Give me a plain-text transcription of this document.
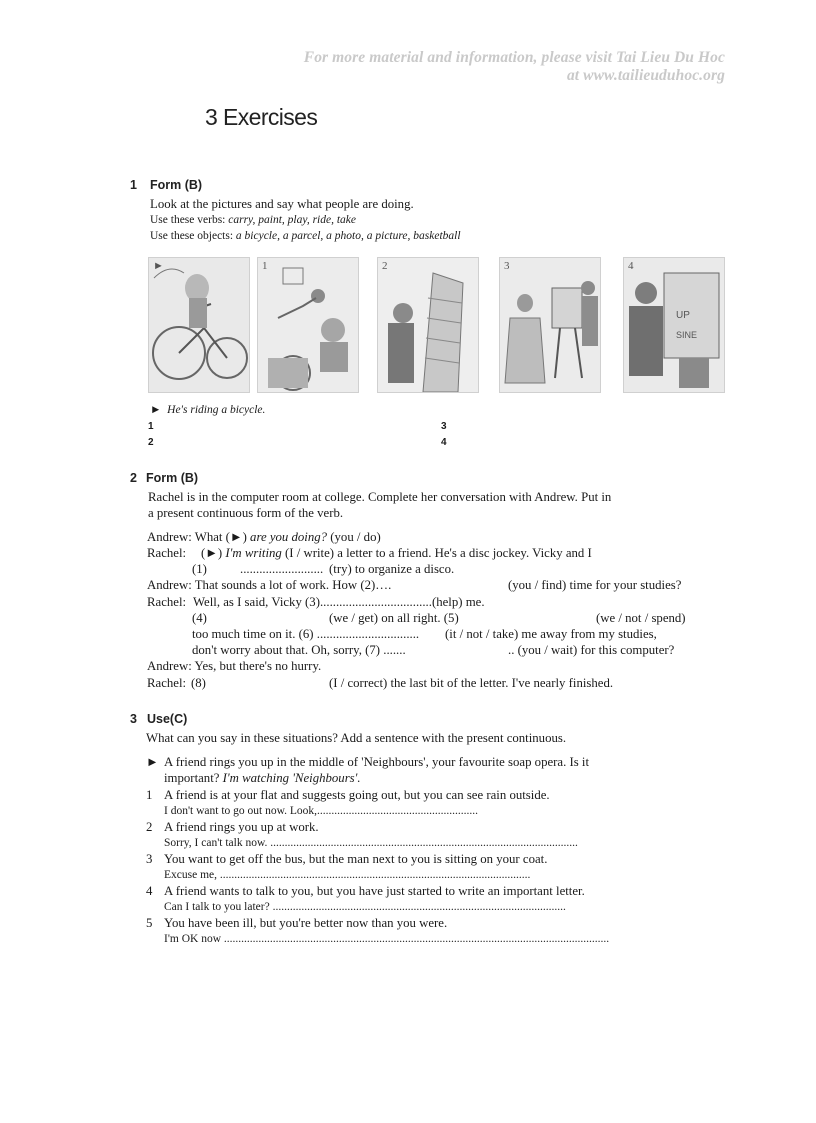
For more material and information, please visit Tai Lieu Du Hoc
at www.tailieuduhoc.org
3 Exercises
1 Form (B)
Look at the pictures and say what people are doing.
Use these verbs: carry, paint, play, ride, take
Use these objects: a bicycle, a parcel, a photo, a picture, basketball
►	1	2	3
UP
SINE
4
► He's riding a bicycle.
1
2
3
4
2 Form (B)
Rachel is in the computer room at college. Complete her conversation with Andrew. Put in
a present continuous form of the verb.
Andrew: What (►) are you doing? (you / do)
Rachel: (►) I'm writing (I / write) a letter to a friend. He's a disc jockey. Vicky and I
(1)	.......................... (try) to organize a disco.
Andrew: That sounds a lot of work. How (2)….	(you / find) time for your studies?
Rachel: Well, as I said, Vicky (3)...................................(help) me.
(4)	(we / get) on all right. (5)	(we / not / spend)
too much time on it. (6) ................................ (it / not / take) me away from my studies,
don't worry about that. Oh, sorry, (7) .......	.. (you / wait) for this computer?
Andrew: Yes, but there's no hurry.
Rachel: (8)	(I / correct) the last bit of the letter. I've nearly finished.
3 Use(C)
What can you say in these situations? Add a sentence with the present continuous.
► A friend rings you up in the middle of 'Neighbours', your favourite soap opera. Is it
important? I'm watching 'Neighbours'.
1 A friend is at your flat and suggests going out, but you can see rain outside.
I don't want to go out now. Look,........................................................
2 A friend rings you up at work.
Sorry, I can't talk now. ...........................................................................................................
3 You want to get off the bus, but the man next to you is sitting on your coat.
Excuse me, ............................................................................................................
4 A friend wants to talk to you, but you have just started to write an important letter.
Can I talk to you later? ......................................................................................................
5 You have been ill, but you're better now than you were.
I'm OK now ......................................................................................................................................
